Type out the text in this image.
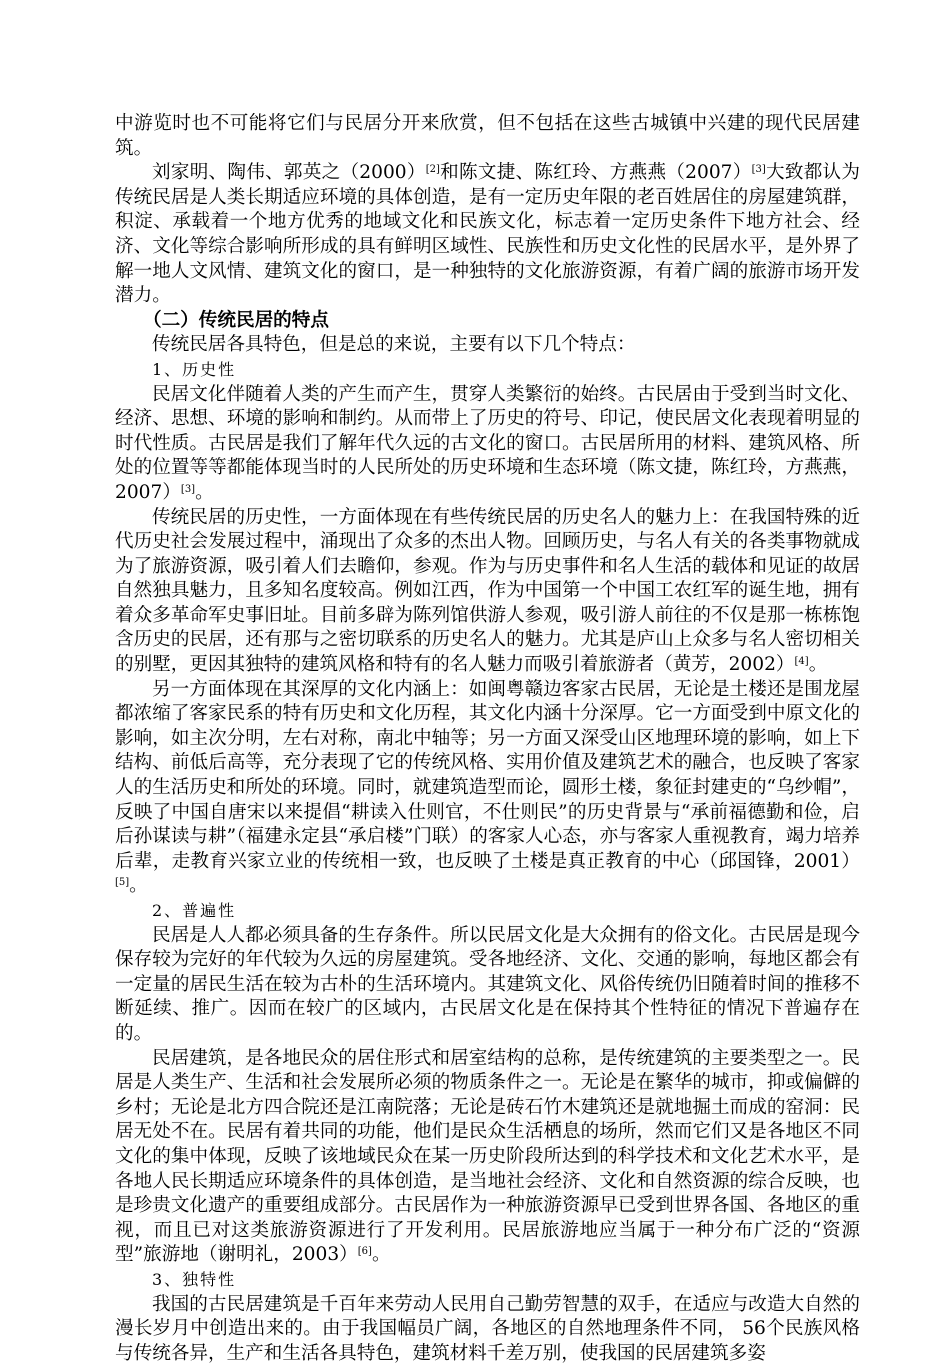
中游览时也不可能将它们与民居分开来欣赏，但不包括在这些古城镇中兴建的现代民居建筑。

刘家明、陶伟、郭英之（2000）[2]和陈文捷、陈红玲、方燕燕（2007）[3]大致都认为传统民居是人类长期适应环境的具体创造，是有一定历史年限的老百姓居住的房屋建筑群，积淀、承载着一个地方优秀的地域文化和民族文化，标志着一定历史条件下地方社会、经济、文化等综合影响所形成的具有鲜明区域性、民族性和历史文化性的民居水平，是外界了解一地人文风情、建筑文化的窗口，是一种独特的文化旅游资源，有着广阔的旅游市场开发潜力。

（二）传统民居的特点

传统民居各具特色，但是总的来说，主要有以下几个特点：

1、历史性

民居文化伴随着人类的产生而产生，贯穿人类繁衍的始终。古民居由于受到当时文化、经济、思想、环境的影响和制约。从而带上了历史的符号、印记，使民居文化表现着明显的时代性质。古民居是我们了解年代久远的古文化的窗口。古民居所用的材料、建筑风格、所处的位置等等都能体现当时的人民所处的历史环境和生态环境（陈文捷，陈红玲，方燕燕，2007）[3]。

传统民居的历史性，一方面体现在有些传统民居的历史名人的魅力上：在我国特殊的近代历史社会发展过程中，涌现出了众多的杰出人物。回顾历史，与名人有关的各类事物就成为了旅游资源，吸引着人们去瞻仰，参观。作为与历史事件和名人生活的载体和见证的故居自然独具魅力，且多知名度较高。例如江西，作为中国第一个中国工农红军的诞生地，拥有着众多革命军史事旧址。目前多辟为陈列馆供游人参观，吸引游人前往的不仅是那一栋栋饱含历史的民居，还有那与之密切联系的历史名人的魅力。尤其是庐山上众多与名人密切相关的别墅，更因其独特的建筑风格和特有的名人魅力而吸引着旅游者（黄芳，2002）[4]。

另一方面体现在其深厚的文化内涵上：如闽粤赣边客家古民居，无论是土楼还是围龙屋都浓缩了客家民系的特有历史和文化历程，其文化内涵十分深厚。它一方面受到中原文化的影响，如主次分明，左右对称，南北中轴等；另一方面又深受山区地理环境的影响，如上下结构、前低后高等，充分表现了它的传统风格、实用价值及建筑艺术的融合，也反映了客家人的生活历史和所处的环境。同时，就建筑造型而论，圆形土楼，象征封建吏的“乌纱帽”，反映了中国自唐宋以来提倡“耕读入仕则官，不仕则民”的历史背景与“承前福德勤和俭，启后孙谋读与耕”（福建永定县“承启楼”门联）的客家人心态，亦与客家人重视教育，竭力培养后辈，走教育兴家立业的传统相一致，也反映了土楼是真正教育的中心（邱国锋，2001）[5]。

2、普遍性

民居是人人都必须具备的生存条件。所以民居文化是大众拥有的俗文化。古民居是现今保存较为完好的年代较为久远的房屋建筑。受各地经济、文化、交通的影响，每地区都会有一定量的居民生活在较为古朴的生活环境内。其建筑文化、风俗传统仍旧随着时间的推移不断延续、推广。因而在较广的区域内，古民居文化是在保持其个性特征的情况下普遍存在的。

民居建筑，是各地民众的居住形式和居室结构的总称，是传统建筑的主要类型之一。民居是人类生产、生活和社会发展所必须的物质条件之一。无论是在繁华的城市，抑或偏僻的乡村；无论是北方四合院还是江南院落；无论是砖石竹木建筑还是就地掘土而成的窑洞：民居无处不在。民居有着共同的功能，他们是民众生活栖息的场所，然而它们又是各地区不同文化的集中体现，反映了该地域民众在某一历史阶段所达到的科学技术和文化艺术水平，是各地人民长期适应环境条件的具体创造，是当地社会经济、文化和自然资源的综合反映，也是珍贵文化遗产的重要组成部分。古民居作为一种旅游资源早已受到世界各国、各地区的重视，而且已对这类旅游资源进行了开发利用。民居旅游地应当属于一种分布广泛的“资源型”旅游地（谢明礼，2003）[6]。

3、独特性

我国的古民居建筑是千百年来劳动人民用自己勤劳智慧的双手，在适应与改造大自然的漫长岁月中创造出来的。由于我国幅员广阔，各地区的自然地理条件不同， 56个民族风格与传统各异，生产和生活各具特色，建筑材料千差万别，使我国的民居建筑多姿
